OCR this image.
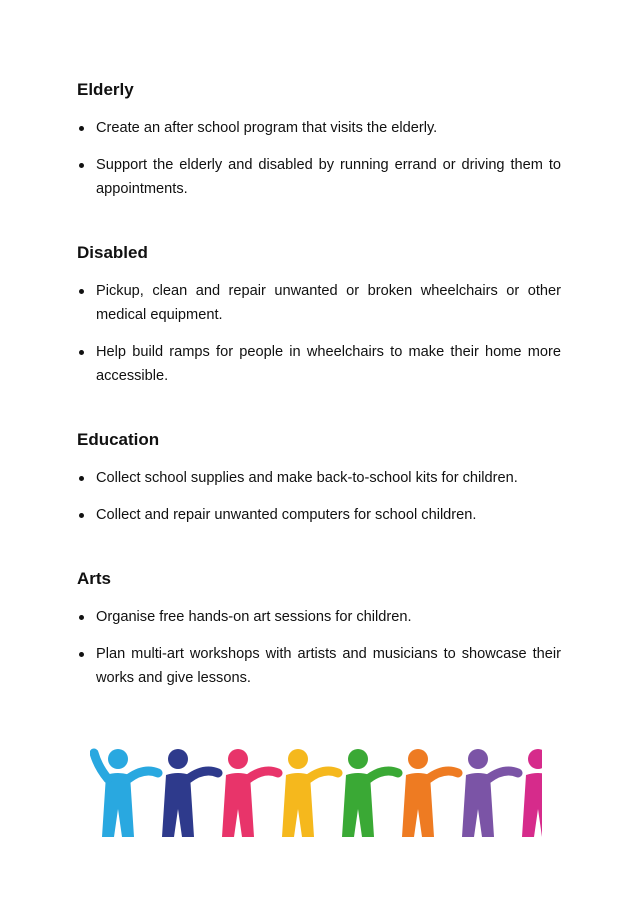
Elderly
Create an after school program that visits the elderly.
Support the elderly and disabled by running errand or driving them to appointments.
Disabled
Pickup, clean and repair unwanted or broken wheelchairs or other medical equipment.
Help build ramps for people in wheelchairs to make their home more accessible.
Education
Collect school supplies and make back-to-school kits for children.
Collect and repair unwanted computers for school children.
Arts
Organise free hands-on art sessions for children.
Plan multi-art workshops with artists and musicians to showcase their works and give lessons.
